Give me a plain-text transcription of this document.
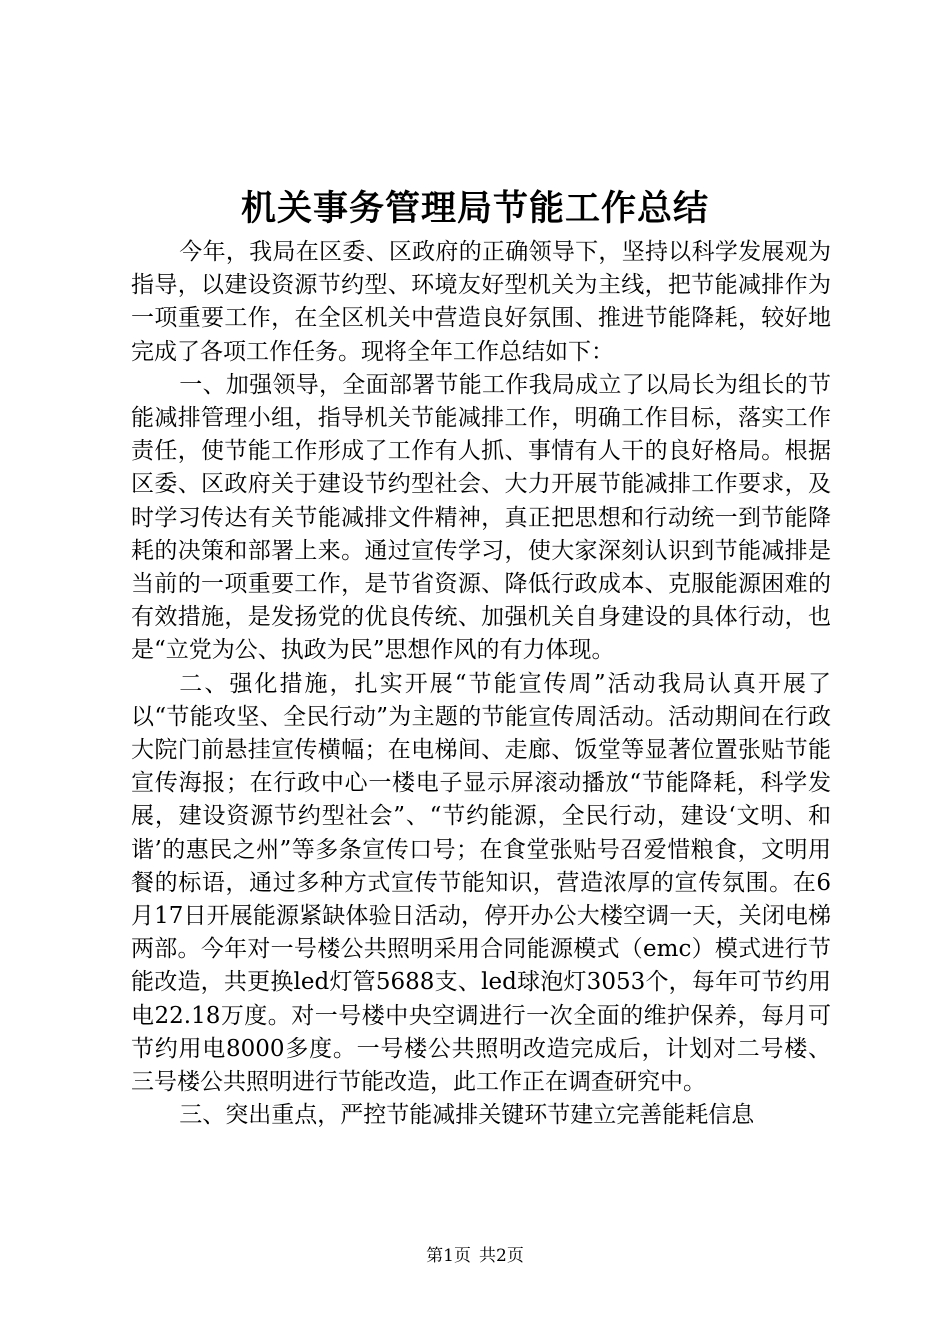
机关事务管理局节能工作总结

今年，我局在区委、区政府的正确领导下，坚持以科学发展观为指导，以建设资源节约型、环境友好型机关为主线，把节能减排作为一项重要工作，在全区机关中营造良好氛围、推进节能降耗，较好地完成了各项工作任务。现将全年工作总结如下：

一、加强领导，全面部署节能工作我局成立了以局长为组长的节能减排管理小组，指导机关节能减排工作，明确工作目标，落实工作责任，使节能工作形成了工作有人抓、事情有人干的良好格局。根据区委、区政府关于建设节约型社会、大力开展节能减排工作要求，及时学习传达有关节能减排文件精神，真正把思想和行动统一到节能降耗的决策和部署上来。通过宣传学习，使大家深刻认识到节能减排是当前的一项重要工作，是节省资源、降低行政成本、克服能源困难的有效措施，是发扬党的优良传统、加强机关自身建设的具体行动，也是“立党为公、执政为民”思想作风的有力体现。

二、强化措施，扎实开展“节能宣传周”活动我局认真开展了以“节能攻坚、全民行动”为主题的节能宣传周活动。活动期间在行政大院门前悬挂宣传横幅；在电梯间、走廊、饭堂等显著位置张贴节能宣传海报；在行政中心一楼电子显示屏滚动播放“节能降耗，科学发展，建设资源节约型社会”、“节约能源，全民行动，建设‘文明、和谐’的惠民之州”等多条宣传口号；在食堂张贴号召爱惜粮食，文明用餐的标语，通过多种方式宣传节能知识，营造浓厚的宣传氛围。在6月17日开展能源紧缺体验日活动，停开办公大楼空调一天，关闭电梯两部。今年对一号楼公共照明采用合同能源模式（emc）模式进行节能改造，共更换led灯管5688支、led球泡灯3053个，每年可节约用电22.18万度。对一号楼中央空调进行一次全面的维护保养，每月可节约用电8000多度。一号楼公共照明改造完成后，计划对二号楼、三号楼公共照明进行节能改造，此工作正在调查研究中。

三、突出重点，严控节能减排关键环节建立完善能耗信息

第1页 共2页
